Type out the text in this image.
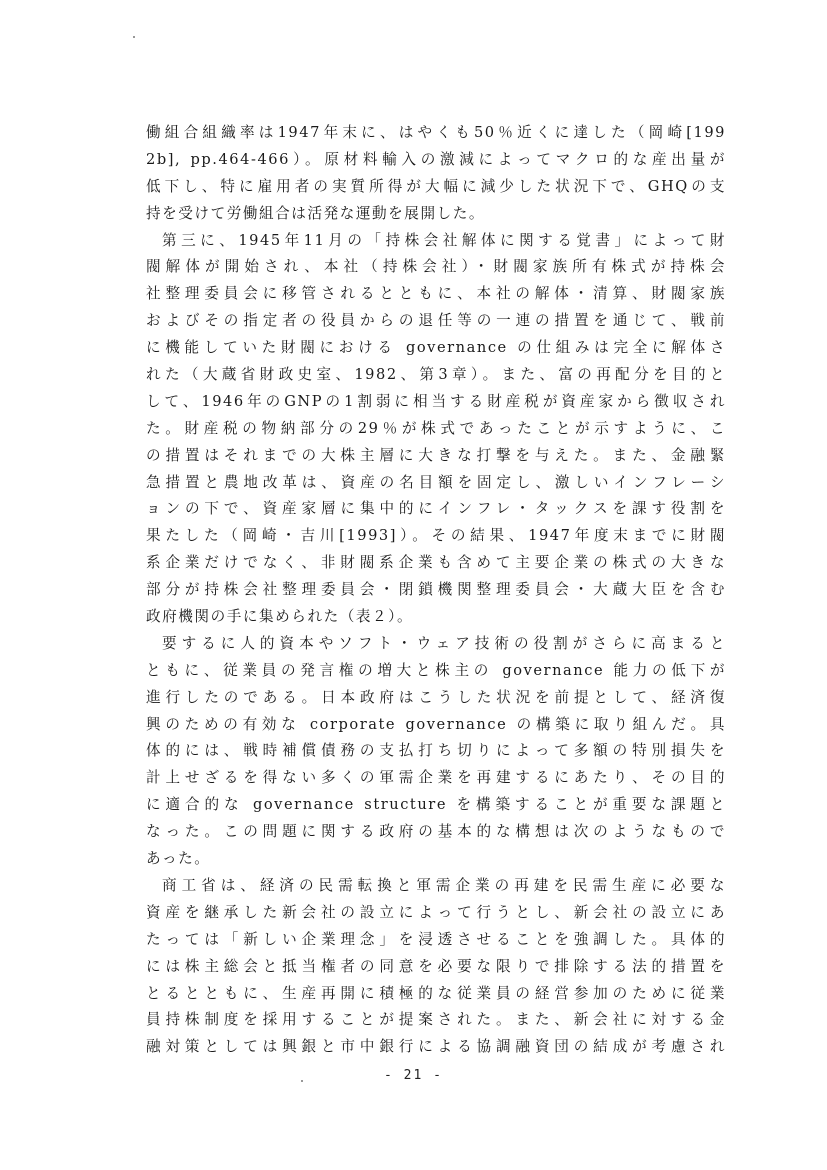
働組合組織率は1947年末に、はやくも50％近くに達した（岡崎[199
2b], pp.464-466）。原材料輸入の激減によってマクロ的な産出量が
低下し、特に雇用者の実質所得が大幅に減少した状況下で、GHQの支
持を受けて労働組合は活発な運動を展開した。
第三に、1945年11月の「持株会社解体に関する覚書」によって財
閥解体が開始され、本社（持株会社）・財閥家族所有株式が持株会
社整理委員会に移管されるとともに、本社の解体・清算、財閥家族
およびその指定者の役員からの退任等の一連の措置を通じて、戦前
に機能していた財閥における governance の仕組みは完全に解体さ
れた（大蔵省財政史室、1982、第3章）。また、富の再配分を目的と
して、1946年のGNPの1割弱に相当する財産税が資産家から徴収され
た。財産税の物納部分の29％が株式であったことが示すように、こ
の措置はそれまでの大株主層に大きな打撃を与えた。また、金融緊
急措置と農地改革は、資産の名目額を固定し、激しいインフレーシ
ョンの下で、資産家層に集中的にインフレ・タックスを課す役割を
果たした（岡崎・吉川[1993]）。その結果、1947年度末までに財閥
系企業だけでなく、非財閥系企業も含めて主要企業の株式の大きな
部分が持株会社整理委員会・閉鎖機関整理委員会・大蔵大臣を含む
政府機関の手に集められた（表２）。
要するに人的資本やソフト・ウェア技術の役割がさらに高まると
ともに、従業員の発言権の増大と株主の governance 能力の低下が
進行したのである。日本政府はこうした状況を前提として、経済復
興のための有効な corporate governance の構築に取り組んだ。具
体的には、戦時補償債務の支払打ち切りによって多額の特別損失を
計上せざるを得ない多くの軍需企業を再建するにあたり、その目的
に適合的な governance structure を構築することが重要な課題と
なった。この問題に関する政府の基本的な構想は次のようなもので
あった。
商工省は、経済の民需転換と軍需企業の再建を民需生産に必要な
資産を継承した新会社の設立によって行うとし、新会社の設立にあ
たっては「新しい企業理念」を浸透させることを強調した。具体的
には株主総会と抵当権者の同意を必要な限りで排除する法的措置を
とるとともに、生産再開に積極的な従業員の経営参加のために従業
員持株制度を採用することが提案された。また、新会社に対する金
融対策としては興銀と市中銀行による協調融資団の結成が考慮され
- 21 -
